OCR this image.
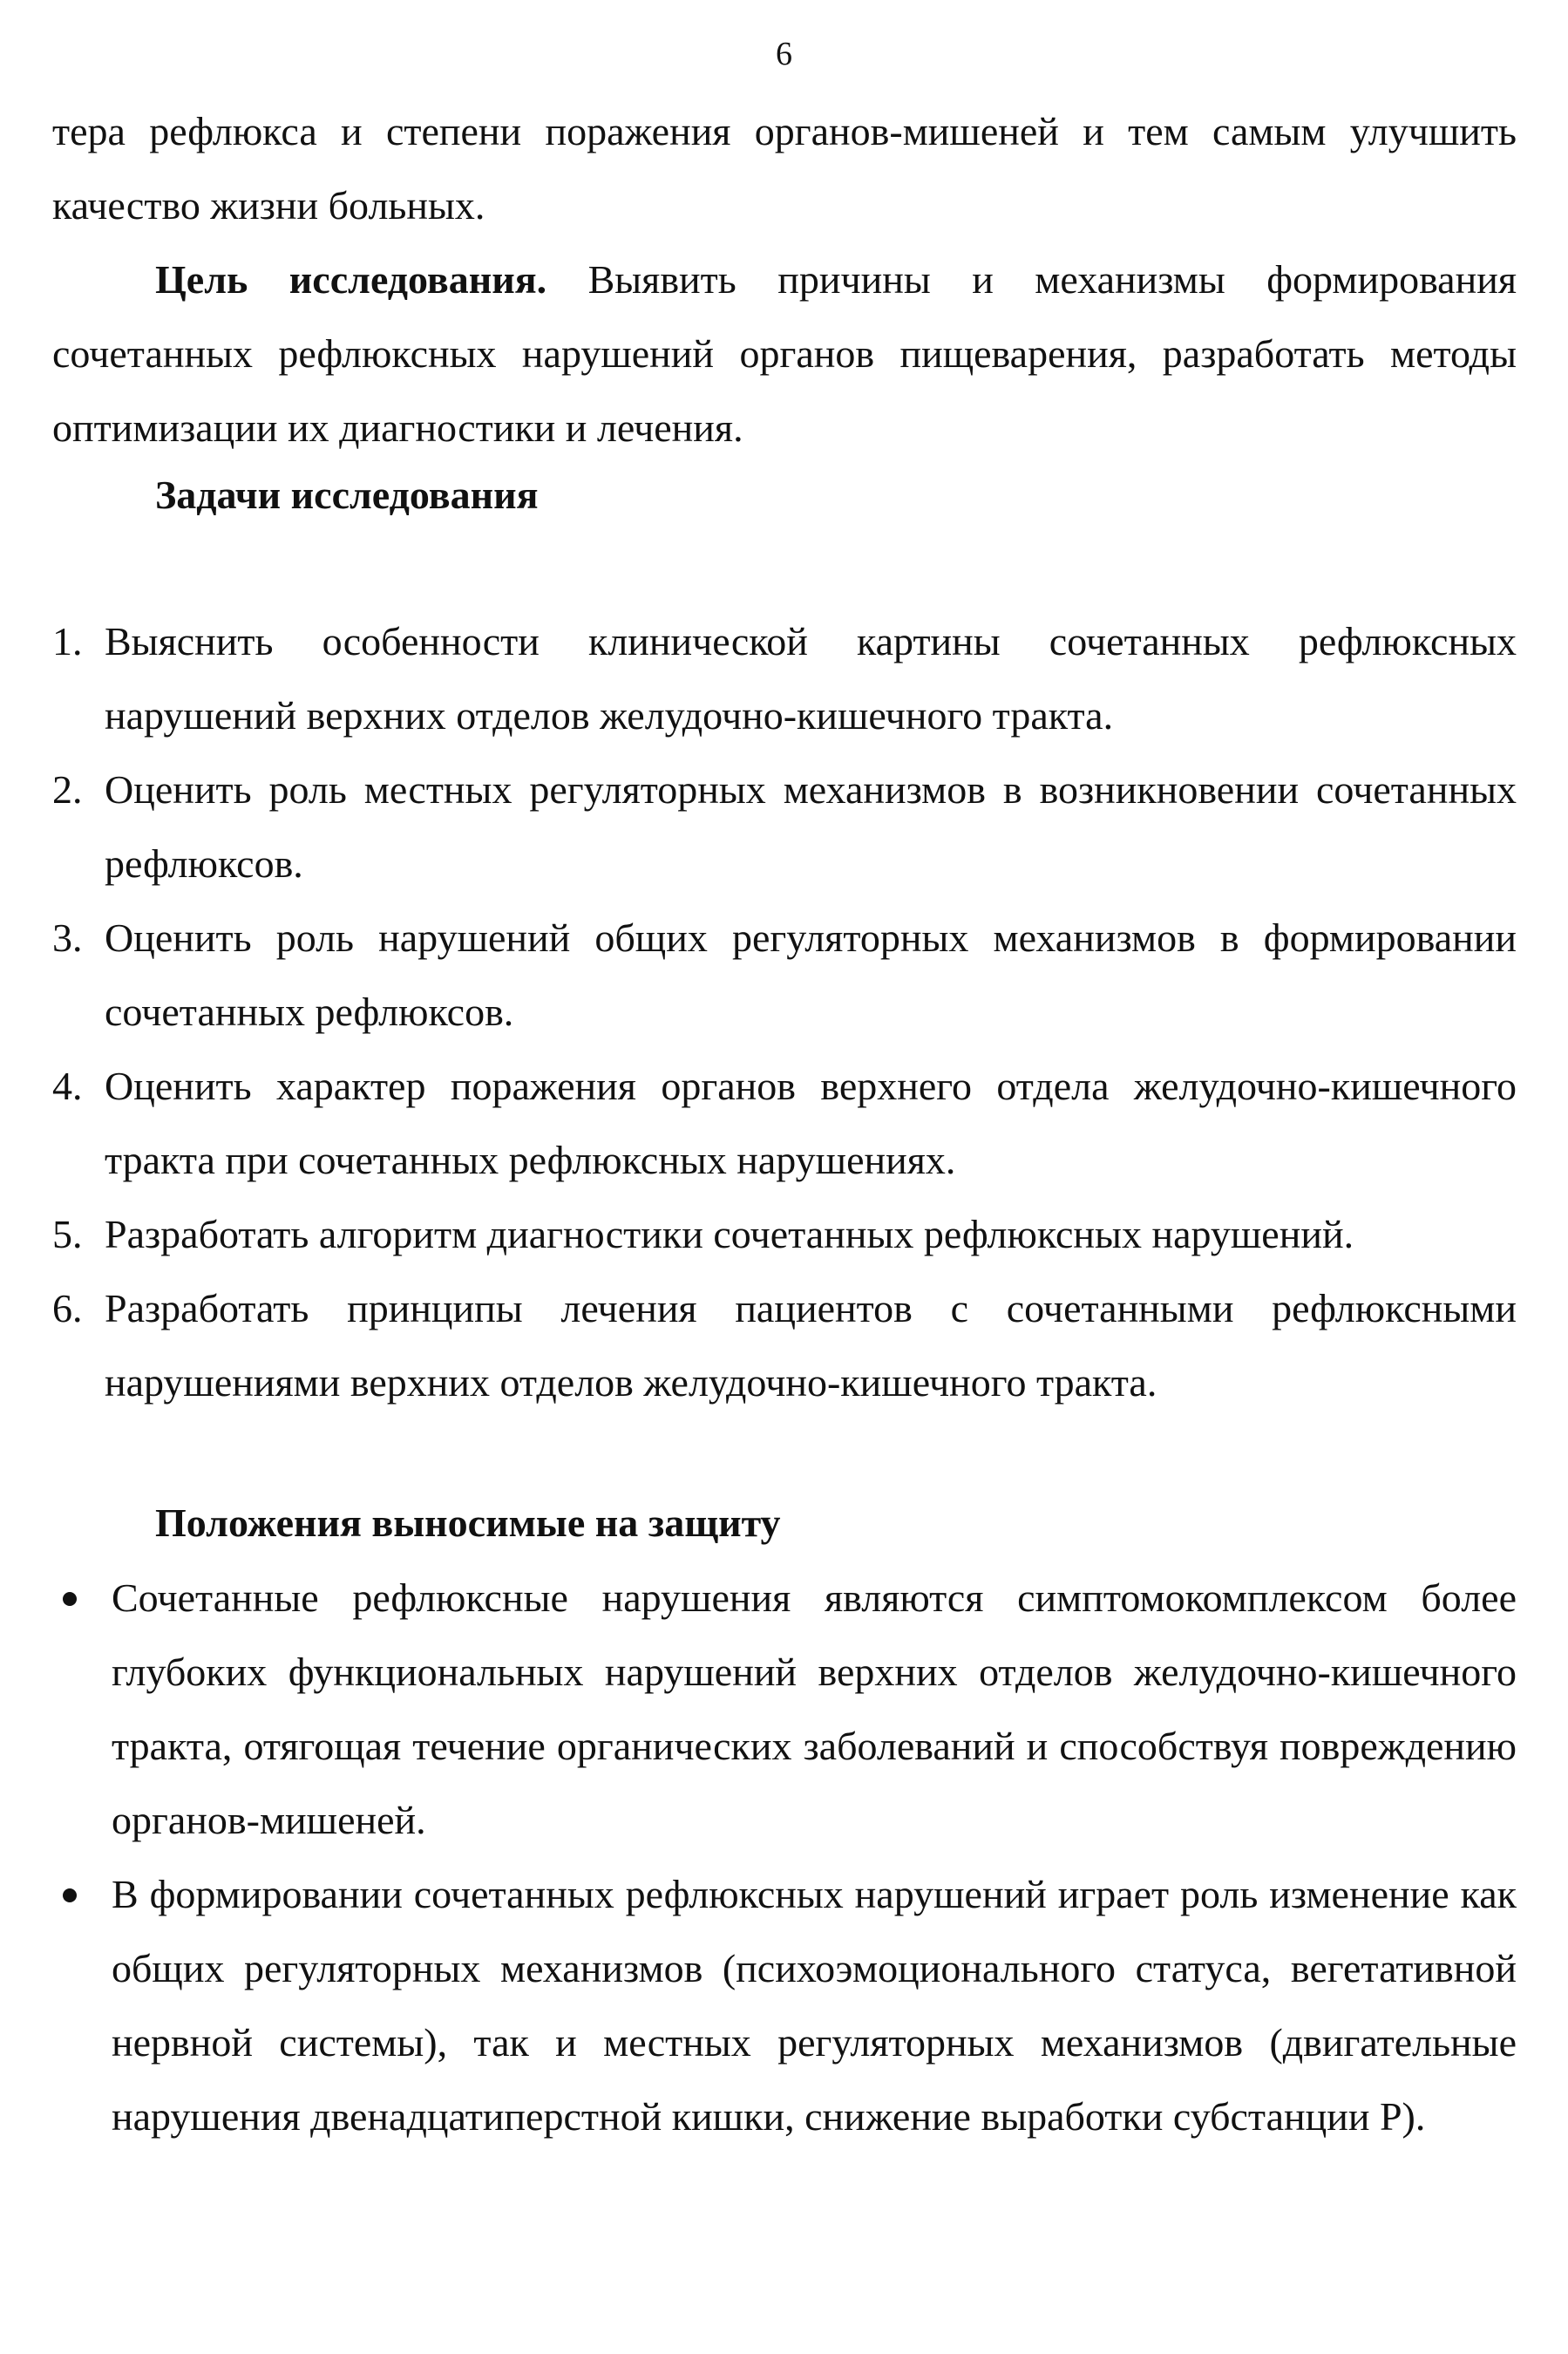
6

тера рефлюкса и степени поражения органов-мишеней и тем самым улучшить качество жизни больных.

Цель исследования. Выявить причины и механизмы формирования сочетанных рефлюксных нарушений органов пищеварения, разработать методы оптимизации их диагностики и лечения.

Задачи исследования
1. Выяснить особенности клинической картины сочетанных рефлюксных нарушений верхних отделов желудочно-кишечного тракта.
2. Оценить роль местных регуляторных механизмов в возникновении сочетанных рефлюксов.
3. Оценить роль нарушений общих регуляторных механизмов в формировании сочетанных рефлюксов.
4. Оценить характер поражения органов верхнего отдела желудочно-кишечного тракта при сочетанных рефлюксных нарушениях.
5. Разработать алгоритм диагностики сочетанных рефлюксных нарушений.
6. Разработать принципы лечения пациентов с сочетанными рефлюксными нарушениями верхних отделов желудочно-кишечного тракта.
Положения выносимые на защиту
Сочетанные рефлюксные нарушения являются симптомокомплексом более глубоких функциональных нарушений верхних отделов желудочно-кишечного тракта, отягощая течение органических заболеваний и способствуя повреждению органов-мишеней.
В формировании сочетанных рефлюксных нарушений играет роль изменение как общих регуляторных механизмов (психоэмоционального статуса, вегетативной нервной системы), так и местных регуляторных механизмов (двигательные нарушения двенадцатиперстной кишки, снижение выработки субстанции Р).
